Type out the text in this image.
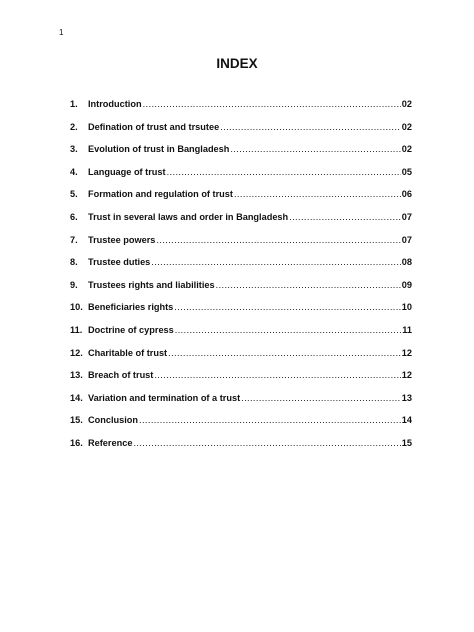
1
INDEX
1.	Introduction .....	02
2.	Defination of trust and trsutee .....	02
3.	Evolution of trust in Bangladesh .....	02
4.	Language of trust .....	05
5.	Formation and regulation of trust .....	06
6.	Trust in several laws and order in Bangladesh .....	07
7.	Trustee powers .....	07
8.	Trustee duties .....	08
9.	Trustees rights and liabilities .....	09
10. Beneficiaries rights .....	10
11. Doctrine of cypress .....	11
12. Charitable of trust .....	12
13. Breach of trust .....	12
14. Variation and termination of a trust .....	13
15. Conclusion .....	14
16. Reference .....	15
